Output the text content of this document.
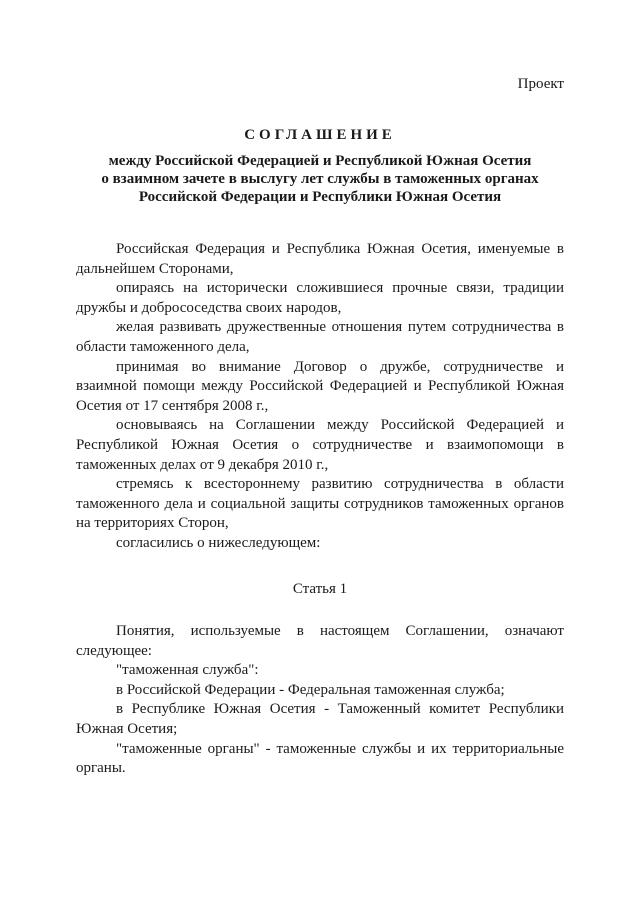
Проект
СОГЛАШЕНИЕ
между Российской Федерацией и Республикой Южная Осетия
о взаимном зачете в выслугу лет службы в таможенных органах
Российской Федерации и Республики Южная Осетия

Российская Федерация и Республика Южная Осетия, именуемые в дальнейшем Сторонами,

опираясь на исторически сложившиеся прочные связи, традиции дружбы и добрососедства своих народов,

желая развивать дружественные отношения путем сотрудничества в области таможенного дела,

принимая во внимание Договор о дружбе, сотрудничестве и взаимной помощи между Российской Федерацией и Республикой Южная Осетия от 17 сентября 2008 г.,

основываясь на Соглашении между Российской Федерацией и Республикой Южная Осетия о сотрудничестве и взаимопомощи в таможенных делах от 9 декабря 2010 г.,

стремясь к всестороннему развитию сотрудничества в области таможенного дела и социальной защиты сотрудников таможенных органов на территориях Сторон,

согласились о нижеследующем:

Статья 1

Понятия, используемые в настоящем Соглашении, означают следующее:

"таможенная служба":

в Российской Федерации - Федеральная таможенная служба;

в Республике Южная Осетия - Таможенный комитет Республики Южная Осетия;

"таможенные органы" - таможенные службы и их территориальные органы.
